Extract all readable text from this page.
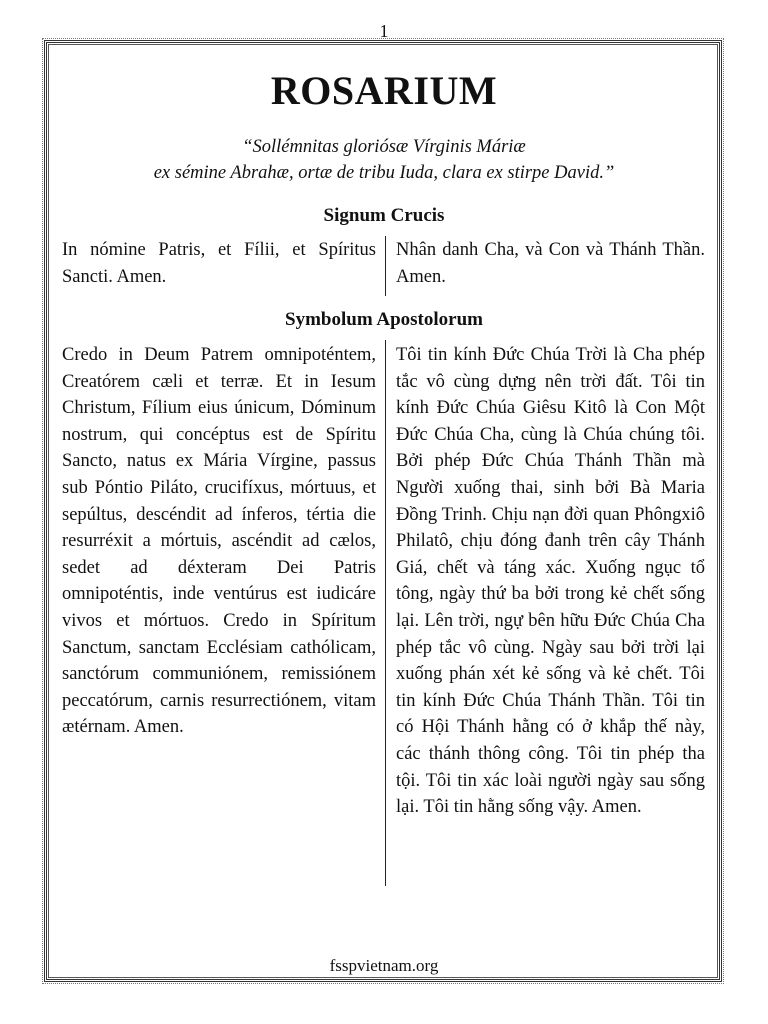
1
ROSARIUM
“Sollémnitas gloriósæ Vírginis Máriæ
ex sémine Abrahæ, ortæ de tribu Iuda, clara ex stirpe David.”
Signum Crucis
In nómine Patris, et Fílii, et Spíritus Sancti. Amen.
Nhân danh Cha, và Con và Thánh Thần. Amen.
Symbolum Apostolorum
Credo in Deum Patrem omnipoténtem, Creatórem cæli et terræ. Et in Iesum Christum, Fílium eius únicum, Dóminum nostrum, qui concéptus est de Spíritu Sancto, natus ex Mária Vírgine, passus sub Póntio Piláto, crucifíxus, mórtuus, et sepúltus, descéndit ad ínferos, tértia die resurréxit a mórtuis, ascéndit ad cælos, sedet ad déxteram Dei Patris omnipoténtis, inde ventúrus est iudicáre vivos et mórtuos. Credo in Spíritum Sanctum, sanctam Ecclésiam cathólicam, sanctórum communiónem, remissiónem peccatórum, carnis resurrectiónem, vitam ætérnam. Amen.
Tôi tin kính Đức Chúa Trời là Cha phép tắc vô cùng dựng nên trời đất. Tôi tin kính Đức Chúa Giêsu Kitô là Con Một Đức Chúa Cha, cùng là Chúa chúng tôi. Bởi phép Đức Chúa Thánh Thần mà Người xuống thai, sinh bởi Bà Maria Đồng Trinh. Chịu nạn đời quan Phôngxiô Philatô, chịu đóng đanh trên cây Thánh Giá, chết và táng xác. Xuống ngục tổ tông, ngày thứ ba bởi trong kẻ chết sống lại. Lên trời, ngự bên hữu Đức Chúa Cha phép tắc vô cùng. Ngày sau bởi trời lại xuống phán xét kẻ sống và kẻ chết. Tôi tin kính Đức Chúa Thánh Thần. Tôi tin có Hội Thánh hằng có ở khắp thế này, các thánh thông công. Tôi tin phép tha tội. Tôi tin xác loài người ngày sau sống lại. Tôi tin hằng sống vậy. Amen.
fsspvietnam.org
